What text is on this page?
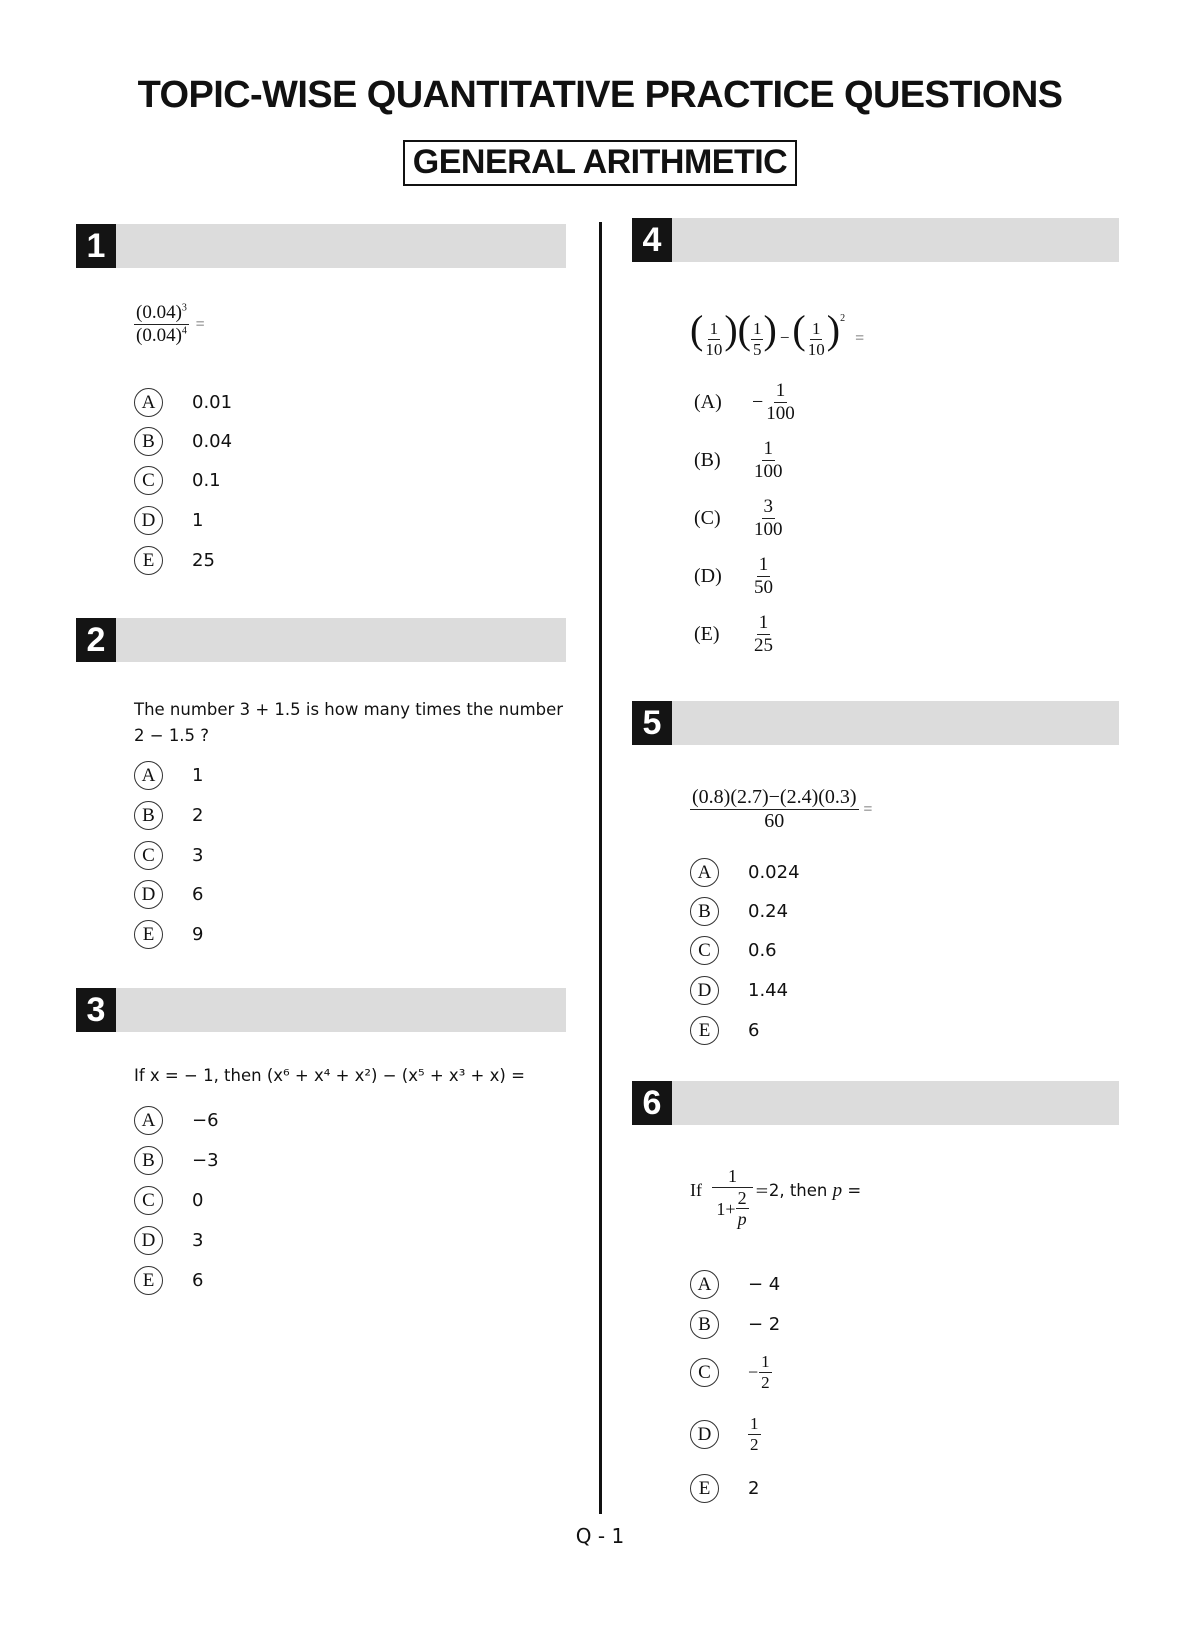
TOPIC-WISE QUANTITATIVE PRACTICE QUESTIONS
GENERAL ARITHMETIC
1
$\frac{(0.04)^3}{(0.04)^4}$ =
A	0.01
B	0.04
C	0.1
D	1
E	25
2
The number 3 + 1.5 is how many times the number
2 − 1.5 ?
A	1
B	2
C	3
D	6
E	9
3
If x = − 1, then (x⁶ + x⁴ + x²) − (x⁵ + x³ + x) =
A	−6
B	−3
C	0
D	3
E	6
4
( $\frac{1}{10}$ )( $\frac{1}{5}$ ) −( $\frac{1}{10} )^2=$
(A)	− $\frac{1}{100}$
(B)	$\frac{1}{100}$
(C)	$\frac{3}{100}$
(D)	$\frac{1}{50}$
(E)	$\frac{1}{25}$
5
$\frac{(0.8)(2.7)-(2.4)(0.3)}{60}$ =
A	0.024
B	0.24
C	0.6
D	1.44
E	6
6
If $\frac{1}{1+ \frac{2}{p}} =2$, then p =
A	− 4
B	− 2
C	− $\frac{1}{2}$
D	$\frac{1}{2}$
E	2
Q - 1
